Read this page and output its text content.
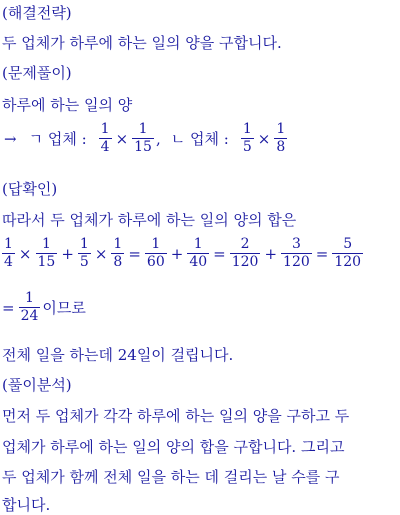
(해결전략)
두 업체가 하루에 하는 일의 양을 구합니다.
(문제풀이)
하루에 하는 일의 양
→ ㄱ 업체 : $\frac{1}{4} \times \frac{1}{15}$ , ㄴ 업체 : $\frac{1}{5} \times \frac{1}{8}$
(답확인)
따라서 두 업체가 하루에 하는 일의 양의 합은
$\frac{1}{4} \times \frac{1}{15} + \frac{1}{5} \times \frac{1}{8} = \frac{1}{60} + \frac{1}{40} = \frac{2}{120} + \frac{3}{120} = \frac{5}{120}$
= $\frac{1}{24}$ 이므로
전체 일을 하는데 24일이 걸립니다.
(풀이분석)
먼저 두 업체가 각각 하루에 하는 일의 양을 구하고 두
업체가 하루에 하는 일의 양의 합을 구합니다. 그리고
두 업체가 함께 전체 일을 하는 데 걸리는 날 수를 구
합니다.
